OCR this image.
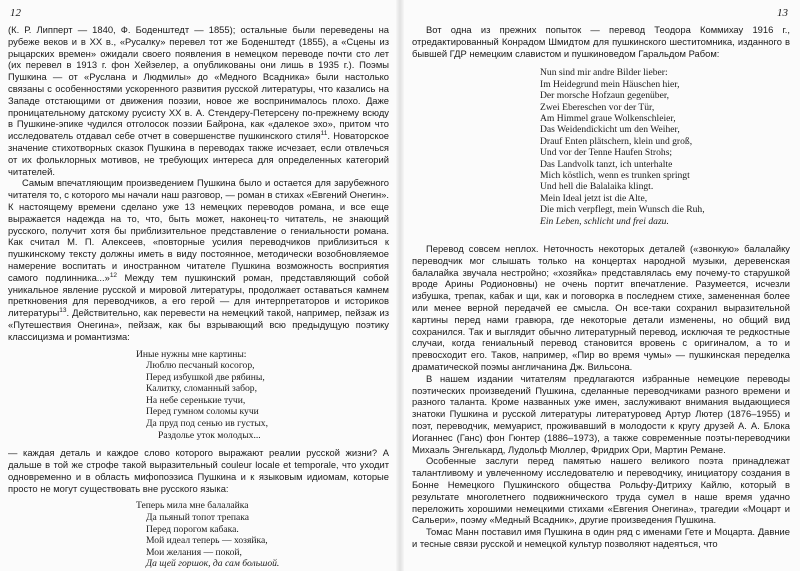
12

(К. Р. Липперт — 1840, Ф. Боденштедт — 1855); остальные были переведены на рубеже веков и в XX в., «Русалку» перевел тот же Боденштедт (1855), а «Сцены из рыцарских времен» ожидали своего появления в немецком переводе почти сто лет (их перевел в 1913 г. фон Хейзелер, а опубликованы они лишь в 1935 г.). Поэмы Пушкина — от «Руслана и Людмилы» до «Медного Всадника» были настолько связаны с особенностями ускоренного развития русской литературы, что казались на Западе отстающими от движения поэзии, новое же воспринималось плохо. Даже проницательному датскому русисту XX в. А. Стендеру-Петерсену по-прежнему всюду в Пушкине-эпике чудился отголосок поэзии Байрона, как «далекое эхо», притом что исследователь отдавал себе отчет в совершенстве пушкинского стиля$^{11}$. Новаторское значение стихотворных сказок Пушкина в переводах также исчезает, если отвлечься от их фольклорных мотивов, не требующих интереса для определенных категорий читателей.

Самым впечатляющим произведением Пушкина было и остается для зарубежного читателя то, с которого мы начали наш разговор, — роман в стихах «Евгений Онегин». К настоящему времени сделано уже 13 немецких переводов романа, и все еще выражается надежда на то, что, быть может, наконец-то читатель, не знающий русского, получит хотя бы приблизительное представление о гениальности романа. Как считал М. П. Алексеев, «повторные усилия переводчиков приблизиться к пушкинскому тексту должны иметь в виду постоянное, методически возобновляемое намерение воспитать и иностранном читателе Пушкина возможность восприятия самого подлинника...»$^{12}$ Между тем пушкинский роман, представляющий собой уникальное явление русской и мировой литературы, продолжает оставаться камнем преткновения для переводчиков, а его герой — для интерпретаторов и историков литературы$^{13}$. Действительно, как перевести на немецкий такой, например, пейзаж из «Путешествия Онегина», пейзаж, как бы взрывающий всю предыдущую поэтику классицизма и романтизма:

Иные нужны мне картины:
Люблю песчаный косогор,
Перед избушкой две рябины,
Калитку, сломанный забор,
На небе серенькие тучи,
Перед гумном соломы кучи
Да пруд под сенью ив густых,
Раздолье уток молодых...

— каждая деталь и каждое слово которого выражают реалии русской жизни? А дальше в той же строфе такой выразительный couleur locale et temporale, что уходит одновременно и в область мифопоэзиса Пушкина и к языковым идиомам, которые просто не могут существовать вне русского языка:

Теперь мила мне балалайка
Да пьяный топот трепака
Перед порогом кабака.
Мой идеал теперь — хозяйка,
Мои желания — покой,
Да щей горшок, да сам большой.
13

Вот одна из прежних попыток — перевод Теодора Коммихау 1916 г., отредактированный Конрадом Шмидтом для пушкинского шеститомника, изданного в бывшей ГДР немецким славистом и пушкиноведом Гаральдом Рабом:

Nun sind mir andre Bilder lieber:
Im Heidegrund mein Häuschen hier,
Der morsche Hofzaun gegenüber,
Zwei Ebereschen vor der Tür,
Am Himmel graue Wolkenschleier,
Das Weidendickicht um den Weiher,
Drauf Enten plätschern, klein und groß,
Und vor der Tenne Haufen Strohs;
Das Landvolk tanzt, ich unterhalte
Mich köstlich, wenn es trunken springt
Und hell die Balalaika klingt.
Mein Ideal jetzt ist die Alte,
Die mich verpflegt, mein Wunsch die Ruh,
Ein Leben, schlicht und frei dazu.

Перевод совсем неплох. Неточность некоторых деталей («звонкую» балалайку переводчик мог слышать только на концертах народной музыки, деревенская балалайка звучала нестройно; «хозяйка» представлялась ему почему-то старушкой вроде Арины Родионовны) не очень портит впечатление. Разумеется, исчезли избушка, трепак, кабак и щи, как и поговорка в последнем стихе, замененная более или менее верной передачей ее смысла. Он все-таки сохранил выразительной картины перед нами гравюра, где некоторые детали изменены, но общий вид сохранился. Так и выглядит обычно литературный перевод, исключая те редкостные случаи, когда гениальный перевод становится вровень с оригиналом, а то и превосходит его. Таков, например, «Пир во время чумы» — пушкинская переделка драматической поэмы англичанина Дж. Вильсона.

В нашем издании читателям предлагаются избранные немецкие переводы поэтических произведений Пушкина, сделанные переводчиками разного времени и разного таланта. Кроме названных уже имен, заслуживают внимания выдающиеся знатоки Пушкина и русской литературы литературовед Артур Лютер (1876–1955) и поэт, переводчик, мемуарист, проживавший в молодости к кругу друзей А. А. Блока Иоганнес (Ганс) фон Гюнтер (1886–1973), а также современные поэты-переводчики Михаэль Энгелькард, Лудольф Мюллер, Фридрих Ори, Мартин Ремане.

Особенные заслуги перед памятью нашего великого поэта принадлежат талантливому и увлеченному исследователю и переводчику, инициатору создания в Бонне Немецкого Пушкинского общества Рольфу-Дитриху Кайлю, который в результате многолетнего подвижнического труда сумел в наше время удачно переложить хорошими немецкими стихами «Евгения Онегина», трагедии «Моцарт и Сальери», поэму «Медный Всадник», другие произведения Пушкина.

Томас Манн поставил имя Пушкина в один ряд с именами Гете и Моцарта. Давние и тесные связи русской и немецкой культур позволяют надеяться, что
